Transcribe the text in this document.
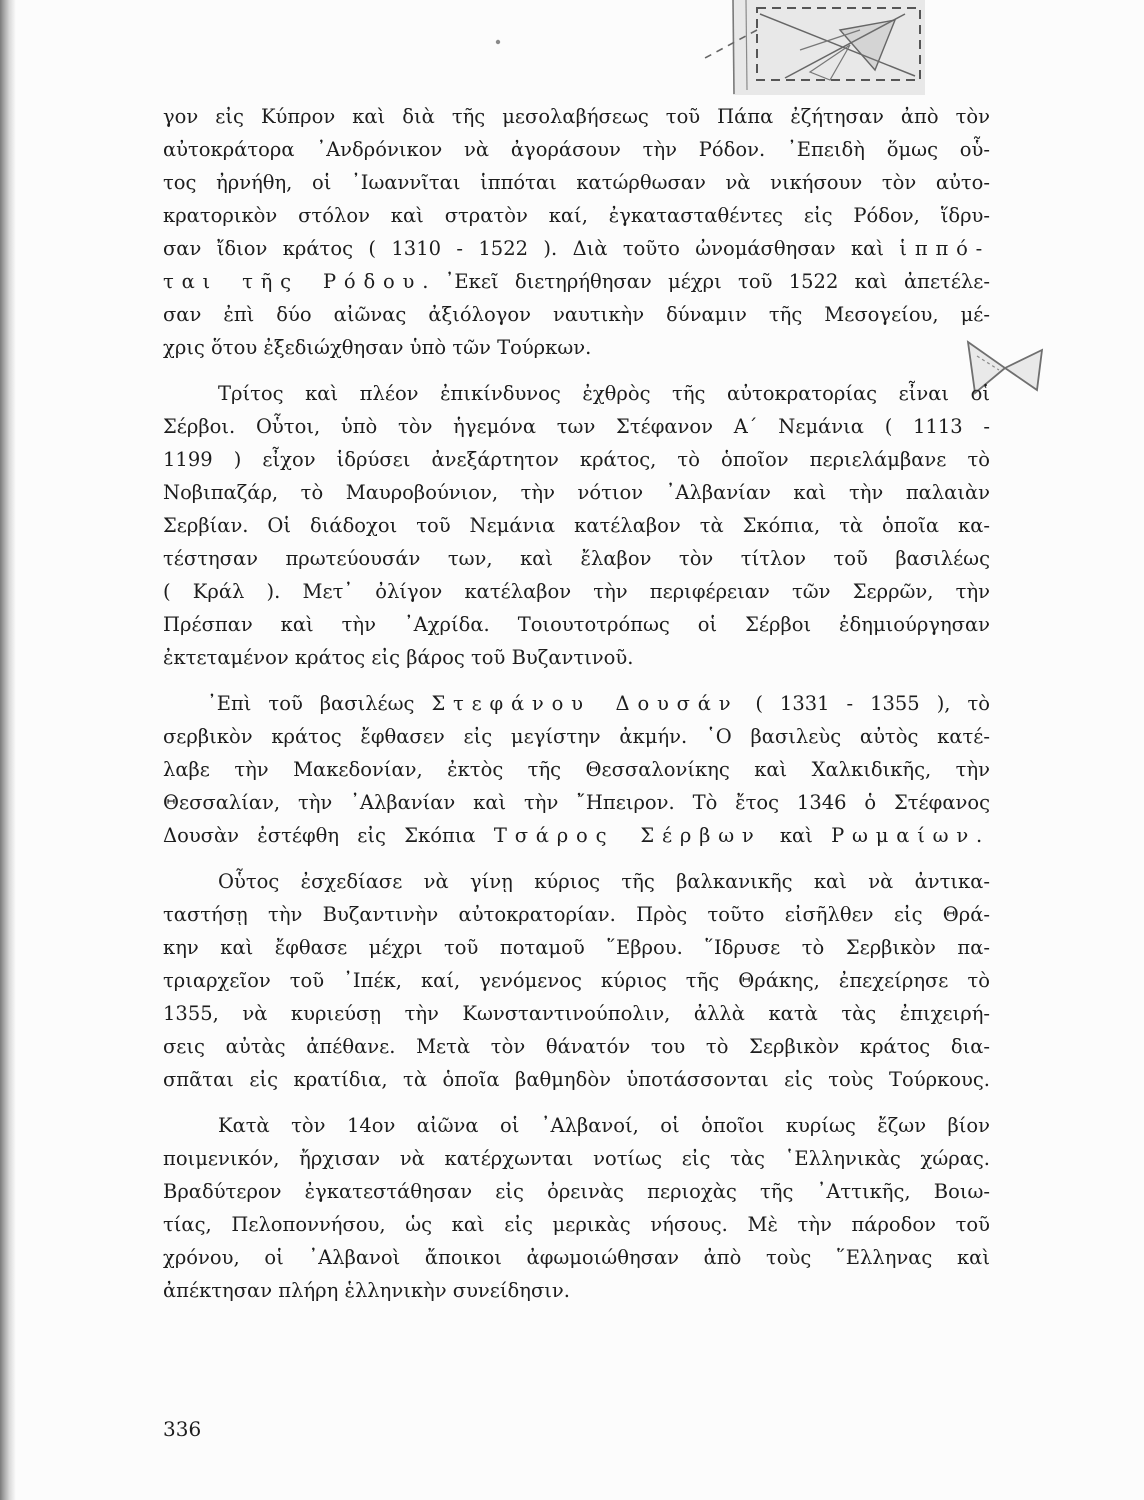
γον εἰς Κύπρον καὶ διὰ τῆς μεσολαβήσεως τοῦ Πάπα ἐζήτησαν ἀπὸ τὸν
αὐτοκράτορα ᾿Ανδρόνικον νὰ ἀγοράσουν τὴν Ρόδον. ᾿Επειδὴ ὅμως οὗ-
τος ἠρνήθη, οἱ ᾿Ιωαννῖται ἱππόται κατώρθωσαν νὰ νικήσουν τὸν αὐτο-
κρατορικὸν στόλον καὶ στρατὸν καί, ἐγκατασταθέντες εἰς Ρόδον, ἵδρυ-
σαν ἴδιον κράτος ( 1310 - 1522 ). Διὰ τοῦτο ὠνομάσθησαν καὶ ἱππό-
ται τῆς Ρόδου. ᾿Εκεῖ διετηρήθησαν μέχρι τοῦ 1522 καὶ ἀπετέλε-
σαν ἐπὶ δύο αἰῶνας ἀξιόλογον ναυτικὴν δύναμιν τῆς Μεσογείου, μέ-
χρις ὅτου ἐξεδιώχθησαν ὑπὸ τῶν Τούρκων.
Τρίτος καὶ πλέον ἐπικίνδυνος ἐχθρὸς τῆς αὐτοκρατορίας εἶναι οἱ
Σέρβοι. Οὗτοι, ὑπὸ τὸν ἡγεμόνα των Στέφανον Α΄ Νεμάνια ( 1113 -
1199 ) εἶχον ἱδρύσει ἀνεξάρτητον κράτος, τὸ ὁποῖον περιελάμβανε τὸ
Νοβιπαζάρ, τὸ Μαυροβούνιον, τὴν νότιον ᾿Αλβανίαν καὶ τὴν παλαιὰν
Σερβίαν. Οἱ διάδοχοι τοῦ Νεμάνια κατέλαβον τὰ Σκόπια, τὰ ὁποῖα κα-
τέστησαν πρωτεύουσάν των, καὶ ἔλαβον τὸν τίτλον τοῦ βασιλέως
( Κράλ ). Μετ᾿ ὀλίγον κατέλαβον τὴν περιφέρειαν τῶν Σερρῶν, τὴν
Πρέσπαν καὶ τὴν ᾿Αχρίδα. Τοιουτοτρόπως οἱ Σέρβοι ἐδημιούργησαν
ἐκτεταμένον κράτος εἰς βάρος τοῦ Βυζαντινοῦ.
᾿Επὶ τοῦ βασιλέως Στεφάνου Δουσάν ( 1331 - 1355 ), τὸ
σερβικὸν κράτος ἔφθασεν εἰς μεγίστην ἀκμήν. ῾Ο βασιλεὺς αὐτὸς κατέ-
λαβε τὴν Μακεδονίαν, ἐκτὸς τῆς Θεσσαλονίκης καὶ Χαλκιδικῆς, τὴν
Θεσσαλίαν, τὴν ᾿Αλβανίαν καὶ τὴν ῎Ηπειρον. Τὸ ἔτος 1346 ὁ Στέφανος
Δουσὰν ἐστέφθη εἰς Σκόπια Τσάρος Σέρβων καὶ Ρωμαίων.
Οὗτος ἐσχεδίασε νὰ γίνῃ κύριος τῆς βαλκανικῆς καὶ νὰ ἀντικα-
ταστήσῃ τὴν Βυζαντινὴν αὐτοκρατορίαν. Πρὸς τοῦτο εἰσῆλθεν εἰς Θρά-
κην καὶ ἔφθασε μέχρι τοῦ ποταμοῦ ῞Εβρου. ῞Ιδρυσε τὸ Σερβικὸν πα-
τριαρχεῖον τοῦ ᾿Ιπέκ, καί, γενόμενος κύριος τῆς Θράκης, ἐπεχείρησε τὸ
1355, νὰ κυριεύσῃ τὴν Κωνσταντινούπολιν, ἀλλὰ κατὰ τὰς ἐπιχειρή-
σεις αὐτὰς ἀπέθανε. Μετὰ τὸν θάνατόν του τὸ Σερβικὸν κράτος δια-
σπᾶται εἰς κρατίδια, τὰ ὁποῖα βαθμηδὸν ὑποτάσσονται εἰς τοὺς Τούρκους.
Κατὰ τὸν 14ον αἰῶνα οἱ ᾿Αλβανοί, οἱ ὁποῖοι κυρίως ἔζων βίον
ποιμενικόν, ἤρχισαν νὰ κατέρχωνται νοτίως εἰς τὰς ῾Ελληνικὰς χώρας.
Βραδύτερον ἐγκατεστάθησαν εἰς ὀρεινὰς περιοχὰς τῆς ᾿Αττικῆς, Βοιω-
τίας, Πελοποννήσου, ὡς καὶ εἰς μερικὰς νήσους. Μὲ τὴν πάροδον τοῦ
χρόνου, οἱ ᾿Αλβανοὶ ἄποικοι ἀφωμοιώθησαν ἀπὸ τοὺς ῞Ελληνας καὶ
ἀπέκτησαν πλήρη ἑλληνικὴν συνείδησιν.
336
